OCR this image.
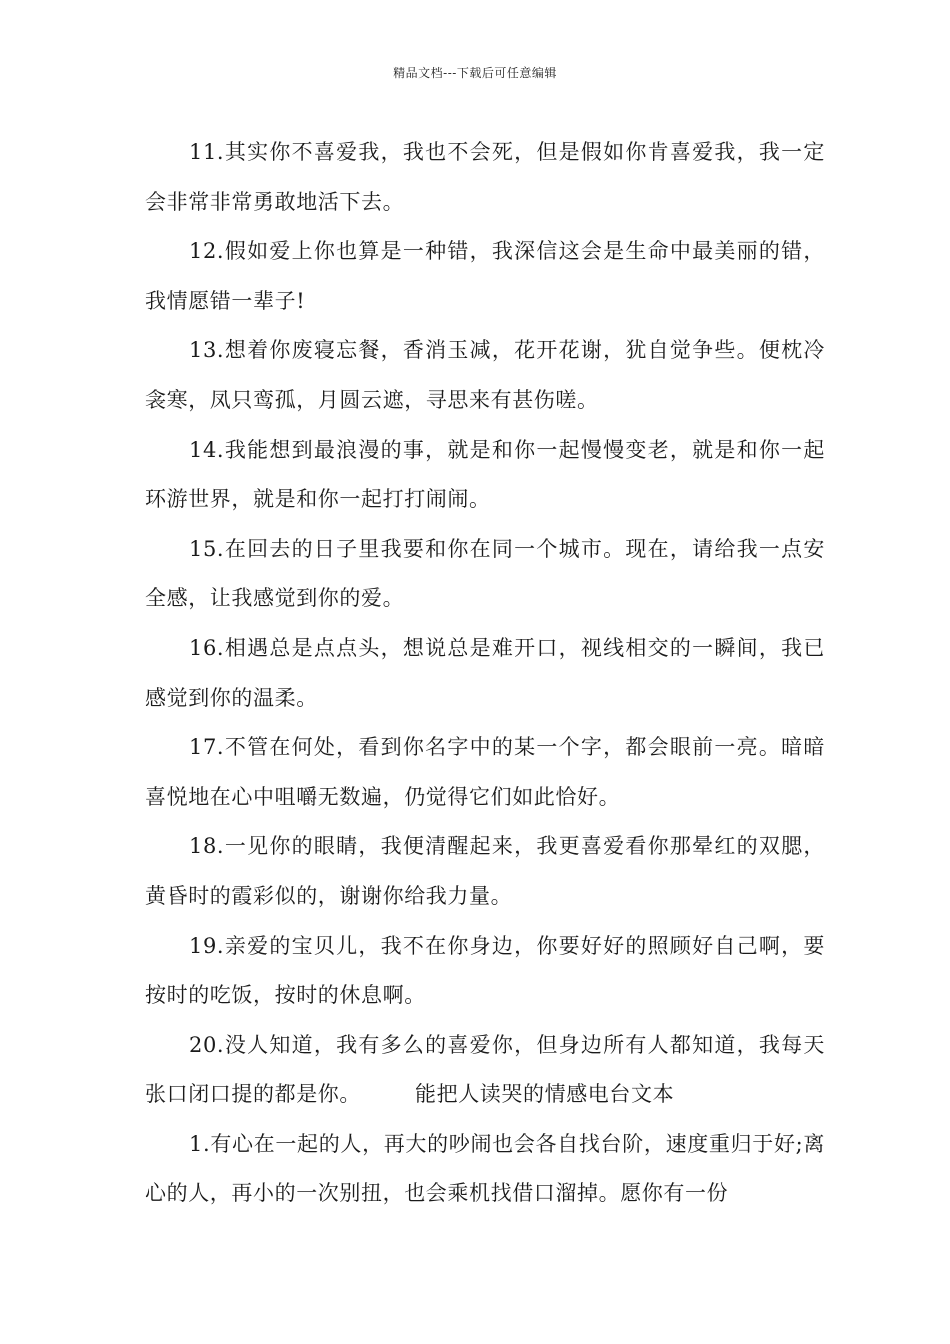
精品文档---下载后可任意编辑

11.其实你不喜爱我，我也不会死，但是假如你肯喜爱我，我一定会非常非常勇敢地活下去。

12.假如爱上你也算是一种错，我深信这会是生命中最美丽的错，我情愿错一辈子!

13.想着你废寝忘餐，香消玉减，花开花谢，犹自觉争些。便枕冷衾寒，凤只鸾孤，月圆云遮，寻思来有甚伤嗟。

14.我能想到最浪漫的事，就是和你一起慢慢变老，就是和你一起环游世界，就是和你一起打打闹闹。

15.在回去的日子里我要和你在同一个城市。现在，请给我一点安全感，让我感觉到你的爱。

16.相遇总是点点头，想说总是难开口，视线相交的一瞬间，我已感觉到你的温柔。

17.不管在何处，看到你名字中的某一个字，都会眼前一亮。暗暗喜悦地在心中咀嚼无数遍，仍觉得它们如此恰好。

18.一见你的眼睛，我便清醒起来，我更喜爱看你那晕红的双腮，黄昏时的霞彩似的，谢谢你给我力量。

19.亲爱的宝贝儿，我不在你身边，你要好好的照顾好自己啊，要按时的吃饭，按时的休息啊。

20.没人知道，我有多么的喜爱你，但身边所有人都知道，我每天张口闭口提的都是你。	能把人读哭的情感电台文本

1.有心在一起的人，再大的吵闹也会各自找台阶，速度重归于好;离心的人，再小的一次别扭，也会乘机找借口溜掉。愿你有一份
